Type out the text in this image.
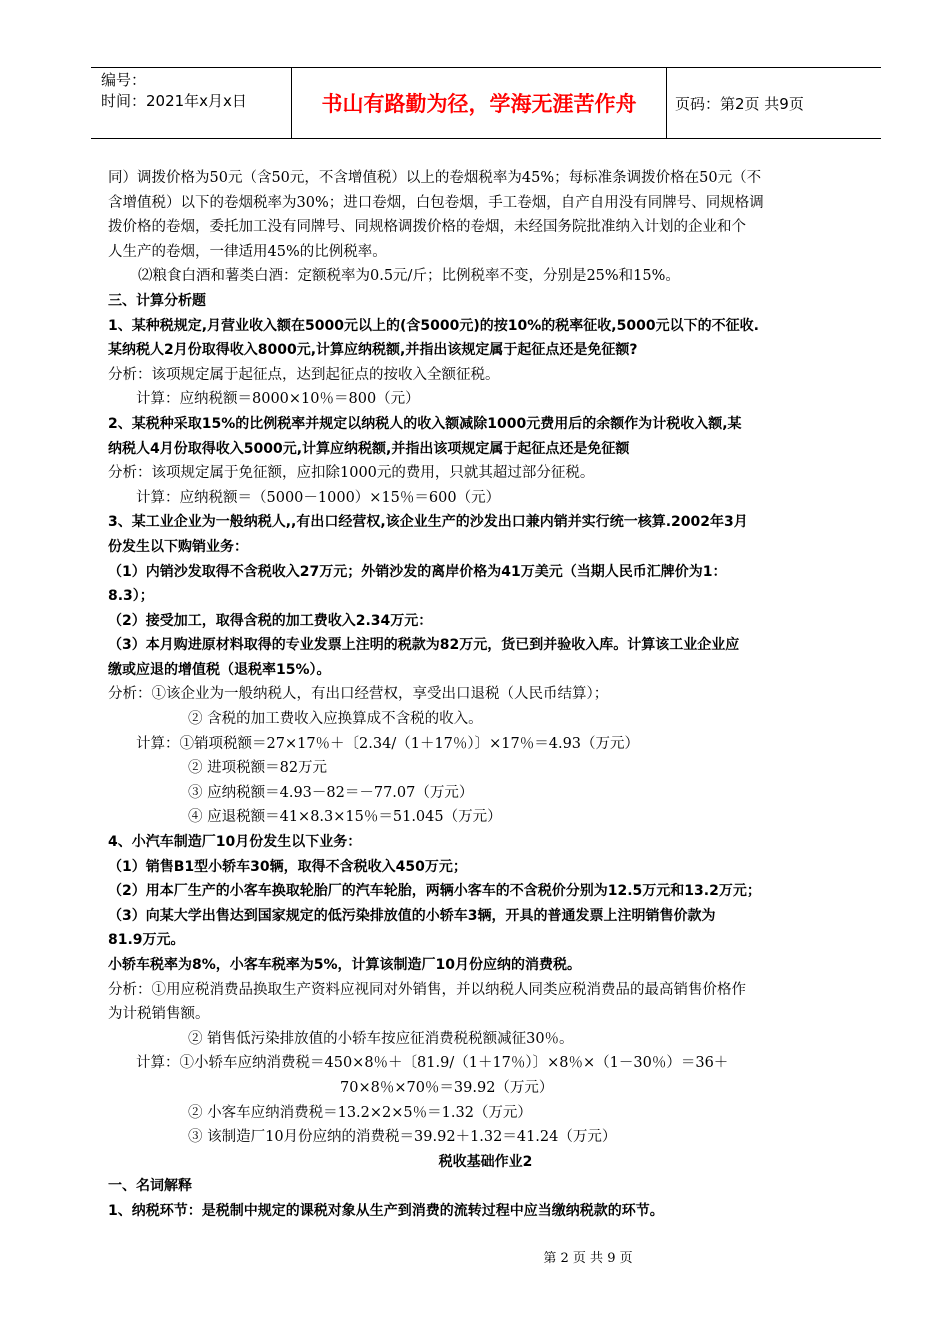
编号：
时间：2021年x月x日	书山有路勤为径，学海无涯苦作舟	页码：第2页 共9页
同）调拨价格为50元（含50元，不含增值税）以上的卷烟税率为45%；每标准条调拨价格在50元（不
含增值税）以下的卷烟税率为30%；进口卷烟，白包卷烟，手工卷烟，自产自用没有同牌号、同规格调
拨价格的卷烟，委托加工没有同牌号、同规格调拨价格的卷烟，未经国务院批准纳入计划的企业和个
人生产的卷烟，一律适用45%的比例税率。
⑵粮食白酒和薯类白酒：定额税率为0.5元/斤；比例税率不变，分别是25%和15%。
三、计算分析题
1、某种税规定,月营业收入额在5000元以上的(含5000元)的按10%的税率征收,5000元以下的不征收.
某纳税人2月份取得收入8000元,计算应纳税额,并指出该规定属于起征点还是免征额?
分析：该项规定属于起征点，达到起征点的按收入全额征税。
计算：应纳税额＝8000×10％＝800（元）
2、某税种采取15%的比例税率并规定以纳税人的收入额减除1000元费用后的余额作为计税收入额,某
纳税人4月份取得收入5000元,计算应纳税额,并指出该项规定属于起征点还是免征额
分析：该项规定属于免征额，应扣除1000元的费用，只就其超过部分征税。
计算：应纳税额＝（5000－1000）×15％＝600（元）
3、某工业企业为一般纳税人,,有出口经营权,该企业生产的沙发出口兼内销并实行统一核算.2002年3月
份发生以下购销业务：
（1）内销沙发取得不含税收入27万元；外销沙发的离岸价格为41万美元（当期人民币汇牌价为1：
8.3）；
（2）接受加工，取得含税的加工费收入2.34万元：
（3）本月购进原材料取得的专业发票上注明的税款为82万元，货已到并验收入库。计算该工业企业应
缴或应退的增值税（退税率15%）。
分析：①该企业为一般纳税人，有出口经营权，享受出口退税（人民币结算）；
② 含税的加工费收入应换算成不含税的收入。
计算：①销项税额＝27×17％＋〔2.34/（1＋17％）〕×17％＝4.93（万元）
② 进项税额＝82万元
③ 应纳税额＝4.93－82＝－77.07（万元）
④ 应退税额＝41×8.3×15％＝51.045（万元）
4、小汽车制造厂10月份发生以下业务：
（1）销售B1型小轿车30辆，取得不含税收入450万元；
（2）用本厂生产的小客车换取轮胎厂的汽车轮胎，两辆小客车的不含税价分别为12.5万元和13.2万元；
（3）向某大学出售达到国家规定的低污染排放值的小轿车3辆，开具的普通发票上注明销售价款为
81.9万元。
小轿车税率为8%，小客车税率为5%，计算该制造厂10月份应纳的消费税。
分析：①用应税消费品换取生产资料应视同对外销售，并以纳税人同类应税消费品的最高销售价格作
为计税销售额。
② 销售低污染排放值的小轿车按应征消费税税额减征30％。
计算：①小轿车应纳消费税＝450×8％＋〔81.9/（1＋17％）〕×8％×（1－30％）＝36＋
70×8％×70％＝39.92（万元）
② 小客车应纳消费税＝13.2×2×5％＝1.32（万元）
③ 该制造厂10月份应纳的消费税＝39.92＋1.32＝41.24（万元）
税收基础作业2
一、名词解释
1、纳税环节：是税制中规定的课税对象从生产到消费的流转过程中应当缴纳税款的环节。
第 2 页 共 9 页
